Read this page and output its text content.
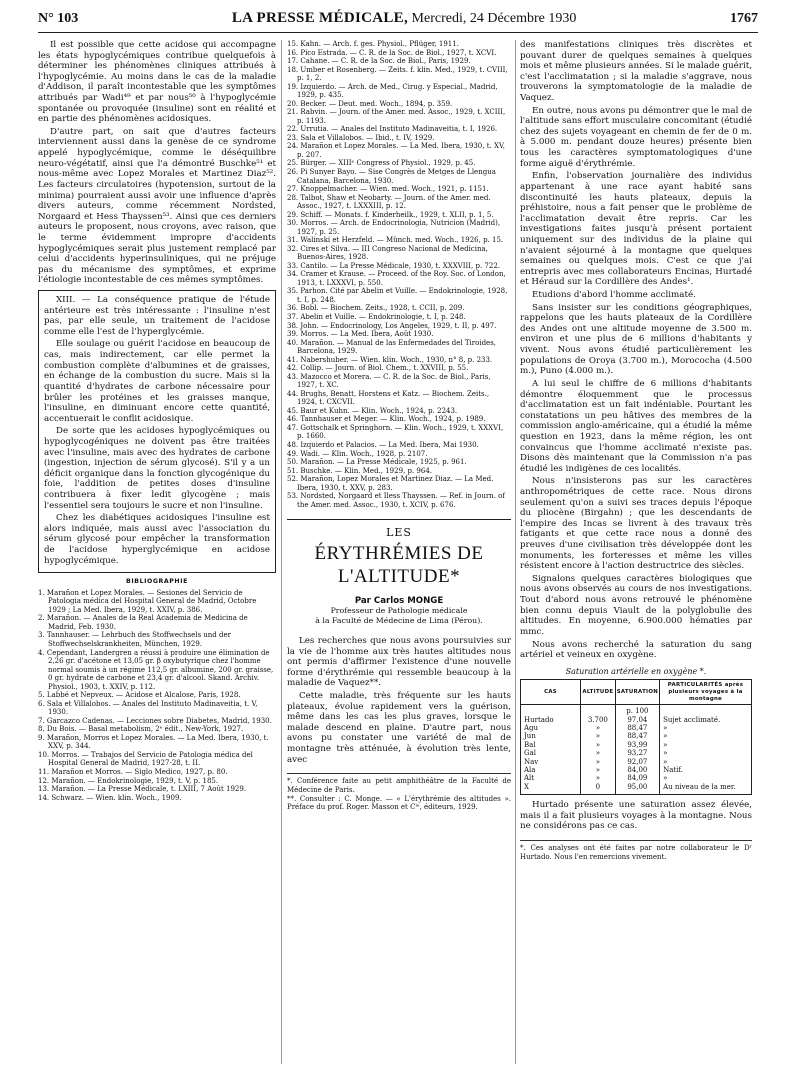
N° 103	LA PRESSE MÉDICALE, Mercredi, 24 Décembre 1930	1767

Il est possible que cette acidose qui accompagne les états hypoglycémiques contribue quelquefois à déterminer les phénomènes cliniques attribués à l'hypoglycémie. Au moins dans le cas de la maladie d'Addison, il paraît incontestable que les symptômes attribués par Wadi⁴⁹ et par nous⁵⁰ à l'hypoglycémie spontanée ou provoquée (insuline) sont en réalité et en partie des phénomènes acidosiques.

D'autre part, on sait que d'autres facteurs interviennent aussi dans la genèse de ce syndrome appelé hypoglycémique, comme le déséquilibre neuro-végétatif, ainsi que l'a démontré Buschke⁵¹ et nous-même avec Lopez Morales et Martinez Diaz⁵². Les facteurs circulatoires (hypotension, surtout de la minima) pourraient aussi avoir une influence d'après divers auteurs, comme récemment Nordsted, Norgaard et Hess Thayssen⁵³. Ainsi que ces derniers auteurs le proposent, nous croyons, avec raison, que le terme évidemment impropre d'accidents hypoglycémiques serait plus justement remplacé par celui d'accidents hyperinsuliniques, qui ne préjuge pas du mécanisme des symptômes, et exprime l'étiologie incontestable de ces mêmes symptômes.

XIII. — La conséquence pratique de l'étude antérieure est très intéressante : l'insuline n'est pas, par elle seule, un traitement de l'acidose comme elle l'est de l'hyperglycémie.

Elle soulage ou guérit l'acidose en beaucoup de cas, mais indirectement, car elle permet la combustion complète d'albumines et de graisses, en échange de la combustion du sucre. Mais si la quantité d'hydrates de carbone nécessaire pour brûler les protéines et les graisses manque, l'insuline, en diminuant encore cette quantité, accentuerait le conflit acidosique.

De sorte que les acidoses hypoglycémiques ou hypoglycogéniques ne doivent pas être traitées avec l'insuline, mais avec des hydrates de carbone (ingestion, injection de sérum glycosé). S'il y a un déficit organique dans la fonction glycogénique du foie, l'addition de petites doses d'insuline contribuera à fixer ledit glycogène ; mais l'essentiel sera toujours le sucre et non l'insuline.

Chez les diabétiques acidosiques l'insuline est alors indiquée, mais aussi avec l'association du sérum glycosé pour empêcher la transformation de l'acidose hyperglycémique en acidose hypoglycémique.

BIBLIOGRAPHIE
1. Marañon et Lopez Morales. — Sesiones del Servicio de Patologia médica del Hospital General de Madrid, Octobre 1929 ; La Med. Ibera, 1929, t. XXIV, p. 386.
2. Marañon. — Anales de la Real Academia de Medicina de Madrid, Feb. 1930.
3. Tannhauser. — Lehrbuch des Stoffwechsels und der Stoffwechselskrankheiten, München, 1929.
4. Cependant, Landergren a réussi à produire une élimination de 2,26 gr. d'acétone et 13,05 gr. β oxybutyrique chez l'homme normal soumis à un régime 112,5 gr. albumine, 200 gr. graisse, 0 gr. hydrate de carbone et 23,4 gr. d'alcool. Skand. Archiv. Physiol., 1903, t. XXIV, p. 112.
5. Labbé et Nepveux. — Acidose et Alcalose, Paris, 1928.
6. Sala et Villalobos. — Anales del Instituto Madinaveitia, t. V, 1930.
7. Garcazco Cadenas. — Lecciones sobre Diabetes, Madrid, 1930.
8. Du Bois. — Basal metabolism, 2ᵉ édit., New-York, 1927.
9. Marañon, Morros et Lopez Morales. — La Med. Ibera, 1930, t. XXV, p. 344.
10. Morros. — Trabajos del Servicio de Patologia médica del Hospital General de Madrid, 1927-28, t. II.
11. Marañon et Morros. — Siglo Medico, 1927, p. 80.
12. Marañon. — Endokrinologie, 1929, t. V, p. 185.
13. Marañon. — La Presse Médicale, t. LXIII, 7 Août 1929.
14. Schwarz. — Wien. klin. Woch., 1909.
15. Kahn. — Arch. f. ges. Physiol., Pflüger, 1911.
16. Pico Estrada. — C. R. de la Soc. de Biol., 1927, t. XCVI.
17. Cahane. — C. R. de la Soc. de Biol., Paris, 1929.
18. Umber et Rosenberg. — Zeits. f. klin. Med., 1929, t. CVIII, p. 1, 2.
19. Izquierdo. — Arch. de Med., Cirug. y Especial., Madrid, 1929, p. 435.
20. Becker. — Deut. med. Woch., 1894, p. 359.
21. Rabvin. — Journ. of the Amer. med. Assoc., 1929, t. XCIII, p. 1193.
22. Urrutia. — Anales del Instituto Madinaveitia, t. I, 1926.
23. Sala et Villalobos. — Ibid., t. IV, 1929.
24. Marañon et Lopez Morales. — La Med. Ibera, 1930, t. XV, p. 207.
25. Bürger. — XIIIᵉ Congress of Physiol., 1929, p. 45.
26. Pi Sunyer Bayo. — Sise Congrès de Metges de Llengua Catalana, Barcelona, 1930.
27. Knoppelmacher. — Wien. med. Woch., 1921, p. 1151.
28. Talbot, Shaw et Neobarty. — Journ. of the Amer. med. Assoc., 1927, t. LXXXIII, p. 12.
29. Schiff. — Monats. f. Kinderheilk., 1929, t. XLII, p. 1, 5.
30. Morros. — Arch. de Endocrinologia, Nutricion (Madrid), 1927, p. 25.
31. Walinski et Herzfeld. — Münch. med. Woch., 1926, p. 15.
32. Cires et Silva. — III Congreso Nacional de Medicina, Buenos-Aires, 1928.
33. Cantilo. — La Presse Médicale, 1930, t. XXXVIII, p. 722.
34. Cramer et Krause. — Proceed. of the Roy. Soc. of London, 1913, t. LXXXVI, p. 550.
35. Parhon. Cité par Abelin et Vuille. — Endokrinologie, 1928, t. I, p. 248.
36. Bobl. — Biochem. Zeits., 1928, t. CCII, p. 209.
37. Abelin et Vuille. — Endokrinologie, t. I, p. 248.
38. John. — Endocrinology, Los Angeles, 1929, t. II, p. 497.
39. Morros. — La Med. Ibera, Août 1930.
40. Marañon. — Manual de las Enfermedades del Tiroides, Barcelona, 1929.
41. Nabershuber. — Wien. klin. Woch., 1930, n° 8, p. 233.
42. Collip. — Journ. of Biol. Chem., t. XXVIII, p. 55.
43. Mazocco et Morera. — C. R. de la Soc. de Biol., Paris, 1927, t. XC.
44. Brughs, Benatt, Horstens et Katz. — Biochem. Zeits., 1924, t. CXCVII.
45. Baur et Kuhn. — Klin. Woch., 1924, p. 2243.
46. Tannhauser et Meger. — Klin. Woch., 1924, p. 1989.
47. Gottschalk et Springhorn. — Klin. Woch., 1929, t. XXXVI, p. 1660.
48. Izquierdo et Palacios. — La Med. Ibera, Mai 1930.
49. Wadi. — Klin. Woch., 1928, p. 2107.
50. Marañon. — La Presse Médicale, 1925, p. 961.
51. Buschke. — Klin. Med., 1929, p. 964.
52. Marañon, Lopez Morales et Martinez Diaz. — La Med. Ibera, 1930, t. XXV, p. 283.
53. Nordsted, Norgaard et Iless Thayssen. — Ref. in Journ. of the Amer. med. Assoc., 1930, t. XCIV, p. 676.
LES
ÉRYTHRÉMIES DE L'ALTITUDE*
Par Carlos MONGE
Professeur de Pathologie médicale
à la Faculté de Médecine de Lima (Pérou).

Les recherches que nous avons poursuivies sur la vie de l'homme aux très hautes altitudes nous ont permis d'affirmer l'existence d'une nouvelle forme d'érythrémie qui ressemble beaucoup à la maladie de Vaquez**.

Cette maladie, très fréquente sur les hauts plateaux, évolue rapidement vers la guérison, même dans les cas les plus graves, lorsque le malade descend en plaine. D'autre part, nous avons pu constater une variété de mal de montagne très atténuée, à évolution très lente, avec

*. Conférence faite au petit amphithéâtre de la Faculté de Médecine de Paris.
**. Consulter : C. Monge. — « L'érythrémie des altitudes ». Préface du prof. Roger. Masson et Cⁱᵉ, éditeurs, 1929.

des manifestations cliniques très discrètes et pouvant durer de quelques semaines à quelques mois et même plusieurs années. Si le malade guérit, c'est l'acclimatation ; si la maladie s'aggrave, nous trouverons la symptomatologie de la maladie de Vaquez.

En outre, nous avons pu démontrer que le mal de l'altitude sans effort musculaire concomitant (étudié chez des sujets voyageant en chemin de fer de 0 m. à 5.000 m. pendant douze heures) présente bien tous les caractères symptomatologiques d'une forme aiguë d'érythrémie.

Enfin, l'observation journalière des individus appartenant à une race ayant habité sans discontinuité les hauts plateaux, depuis la préhistoire, nous a fait penser que le problème de l'acclimatation devait être repris. Car les investigations faites jusqu'à présent portaient uniquement sur des individus de la plaine qui n'avaient séjourné à la montagne que quelques semaines ou quelques mois. C'est ce que j'ai entrepris avec mes collaborateurs Encinas, Hurtadé et Héraud sur la Cordillère des Andes¹.

Etudions d'abord l'homme acclimaté.

Sans insister sur les conditions géographiques, rappelons que les hauts plateaux de la Cordillère des Andes ont une altitude moyenne de 3.500 m. environ et une plus de 6 millions d'habitants y vivent. Nous avons étudié particulièrement les populations de Oroya (3.700 m.), Morococha (4.500 m.), Puno (4.000 m.).

A lui seul le chiffre de 6 millions d'habitants démontre éloquemment que le processus d'acclimatation est un fait indéniable. Pourtant les constatations un peu hâtives des membres de la commission anglo-américaine, qui a étudié la même question en 1923, dans la même région, les ont convaincus que l'homme acclimaté n'existe pas. Disons dès maintenant que la Commission n'a pas étudié les indigènes de ces localités.

Nous n'insisterons pas sur les caractères anthropométriques de cette race. Nous dirons seulement qu'on a suivi ses traces depuis l'époque du pliocène (Birgahn) ; que les descendants de l'empire des Incas se livrent à des travaux très fatigants et que cette race nous a donné des preuves d'une civilisation très développée dont les monuments, les forteresses et même les villes résistent encore à l'action destructrice des siècles.

Signalons quelques caractères biologiques que nous avons observés au cours de nos investigations. Tout d'abord nous avons retrouvé le phénomène bien connu depuis Viault de la polyglobulie des altitudes. En moyenne, 6.900.000 hématies par mmc.

Nous avons recherché la saturation du sang artériel et veineux en oxygène.

Saturation artérielle en oxygène *.
CAS	ALTITUDE	SATURATION	PARTICULARITÉS après plusieurs voyages à la montagne
		p. 100	
Hurtado	3.700	97,04	Sujet acclimaté.
Agu	»	88,47	»
Jun	»	88,47	»
Bal	»	93,99	»
Gal	»	93,27	»
Nav	»	92,07	»
Ala	»	84,00	Natif.
Alt	»	84,09	»
X	0	95,00	Au niveau de la mer.

Hurtado présente une saturation assez élevée, mais il a fait plusieurs voyages à la montagne. Nous ne considérons pas ce cas.

*. Ces analyses ont été faites par notre collaborateur le Dʳ Hurtado. Nous l'en remercions vivement.
